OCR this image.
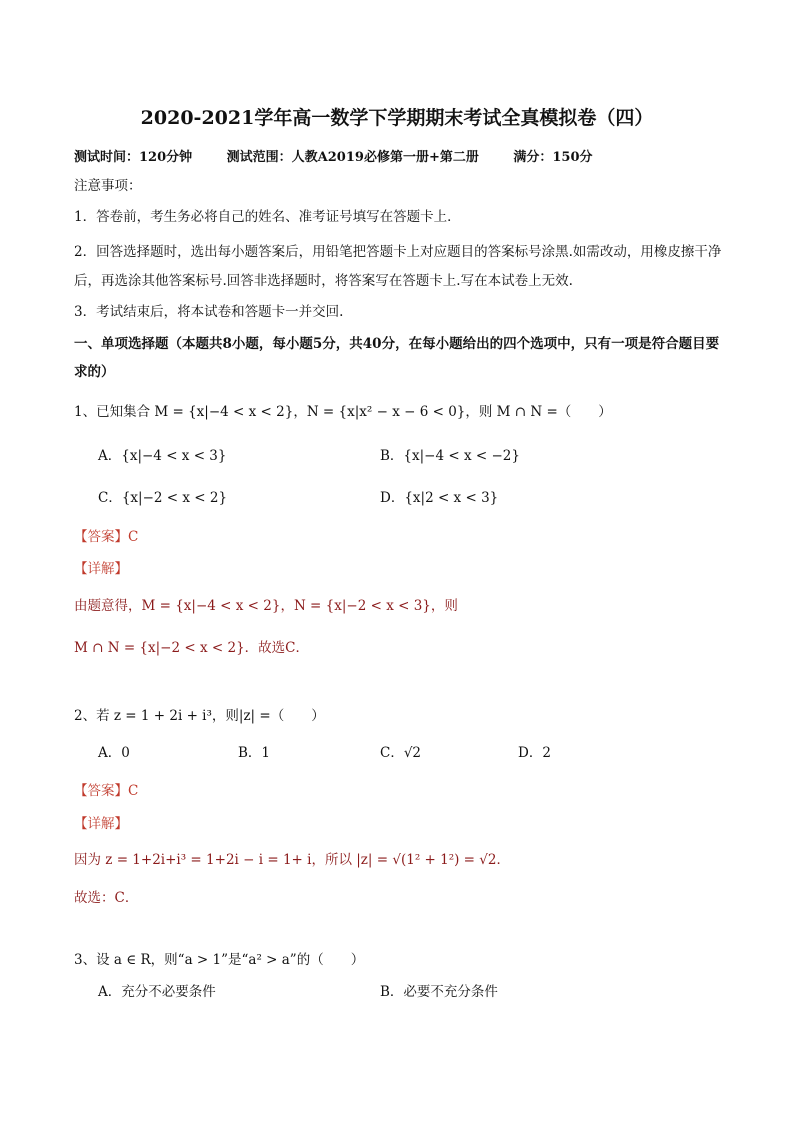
2020-2021学年高一数学下学期期末考试全真模拟卷（四）
测试时间：120分钟	测试范围：人教A2019必修第一册+第二册	满分：150分
注意事项：
1．答卷前，考生务必将自己的姓名、准考证号填写在答题卡上．
2．回答选择题时，选出每小题答案后，用铅笔把答题卡上对应题目的答案标号涂黑.如需改动，用橡皮擦干净后，再选涂其他答案标号.回答非选择题时，将答案写在答题卡上.写在本试卷上无效.
3．考试结束后，将本试卷和答题卡一并交回.
一、单项选择题（本题共8小题，每小题5分，共40分，在每小题给出的四个选项中，只有一项是符合题目要求的）
1、已知集合 M = {x|−4 < x < 2}，N = {x|x² − x − 6 < 0}，则 M ∩ N =（　　）
A．{x|−4 < x < 3}	B．{x|−4 < x < −2}
C．{x|−2 < x < 2}	D．{x|2 < x < 3}
【答案】C
【详解】
由题意得，M = {x|−4 < x < 2}，N = {x|−2 < x < 3}，则
M ∩ N = {x|−2 < x < 2}．故选C．
2、若 z = 1 + 2i + i³，则|z| =（　　）
A．0	B．1	C．√2	D．2
【答案】C
【详解】
因为 z = 1+2i+i³ = 1+2i − i = 1+ i，所以 |z| = √(1² + 1²) = √2．
故选：C．
3、设 a ∈ R，则“a > 1”是“a² > a”的（　　）
A．充分不必要条件	B．必要不充分条件
